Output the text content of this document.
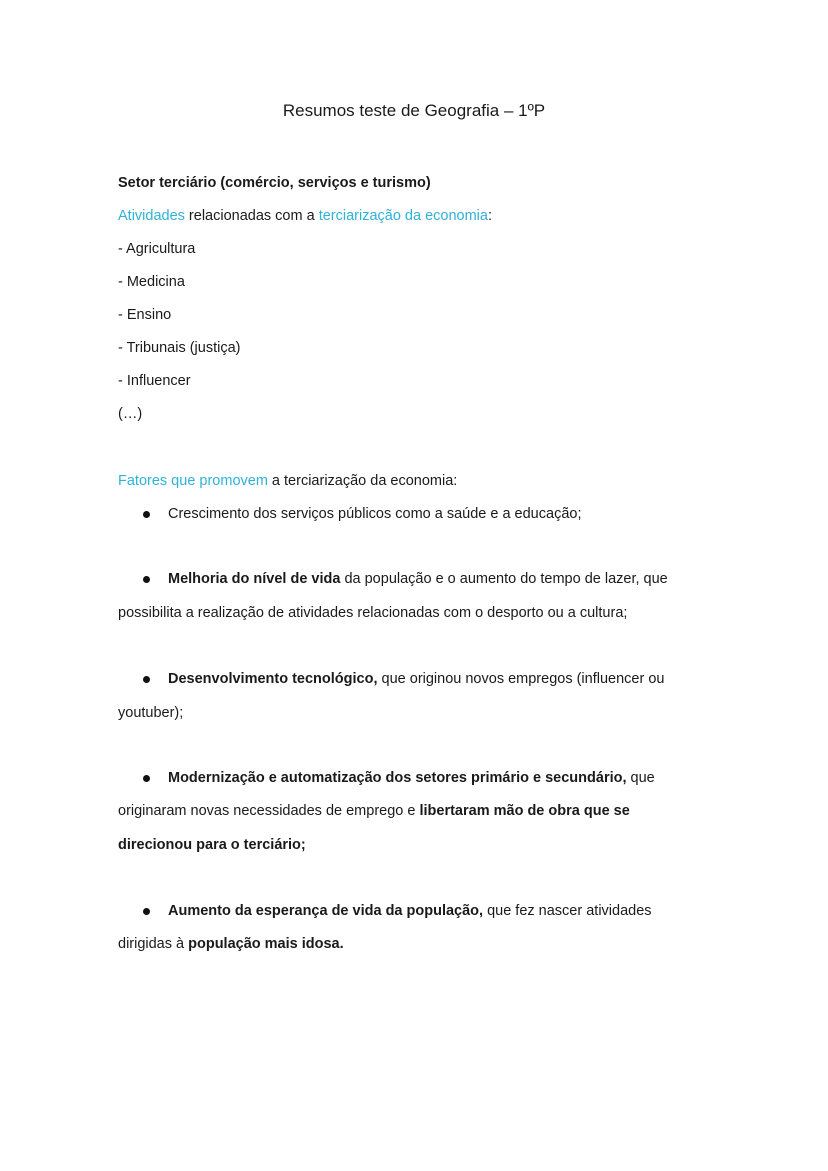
Resumos teste de Geografia – 1ºP
Setor terciário (comércio, serviços e turismo)
Atividades relacionadas com a terciarização da economia:
- Agricultura
- Medicina
- Ensino
- Tribunais (justiça)
- Influencer
(…)
Fatores que promovem a terciarização da economia:
Crescimento dos serviços públicos como a saúde e a educação;
Melhoria do nível de vida da população e o aumento do tempo de lazer, que
possibilita a realização de atividades relacionadas com o desporto ou a cultura;
Desenvolvimento tecnológico, que originou novos empregos (influencer ou
youtuber);
Modernização e automatização dos setores primário e secundário, que
originaram novas necessidades de emprego e libertaram mão de obra que se
direcionou para o terciário;
Aumento da esperança de vida da população, que fez nascer atividades
dirigidas à população mais idosa.
